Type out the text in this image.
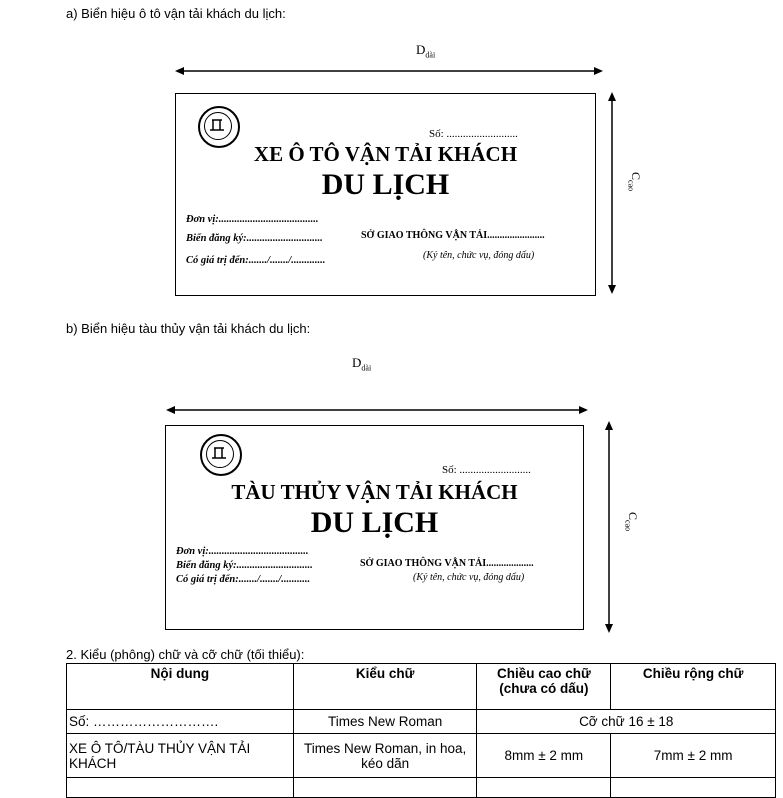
a) Biển hiệu ô tô vận tải khách du lịch:
$D_{dài}$
$C_{cao}$
Số: ..........................
XE Ô TÔ VẬN TẢI KHÁCH
DU LỊCH
Đơn vị:......................................
Biển đăng ký:.............................
Có giá trị đến:......./......./.............
SỞ GIAO THÔNG VẬN TẢI.......................
(Ký tên, chức vụ, đóng dấu)
b) Biển hiệu tàu thủy vận tải khách du lịch:
$D_{dài}$
$C_{cao}$
Số: ..........................
TÀU THỦY VẬN TẢI KHÁCH
DU LỊCH
Đơn vị:......................................
Biển đăng ký:.............................
Có giá trị đến:......./......./...........
SỞ GIAO THÔNG VẬN TẢI...................
(Ký tên, chức vụ, đóng dấu)
2. Kiểu (phông) chữ và cỡ chữ (tối thiểu):
Nội dung	Kiểu chữ	Chiều cao chữ (chưa có dấu)	Chiều rộng chữ
Số: ……………………….	Times New Roman	Cỡ chữ 16 ± 18	
XE Ô TÔ/TÀU THỦY VẬN TẢI KHÁCH	Times New Roman, in hoa, kéo dãn	8mm ± 2 mm	7mm ± 2 mm
